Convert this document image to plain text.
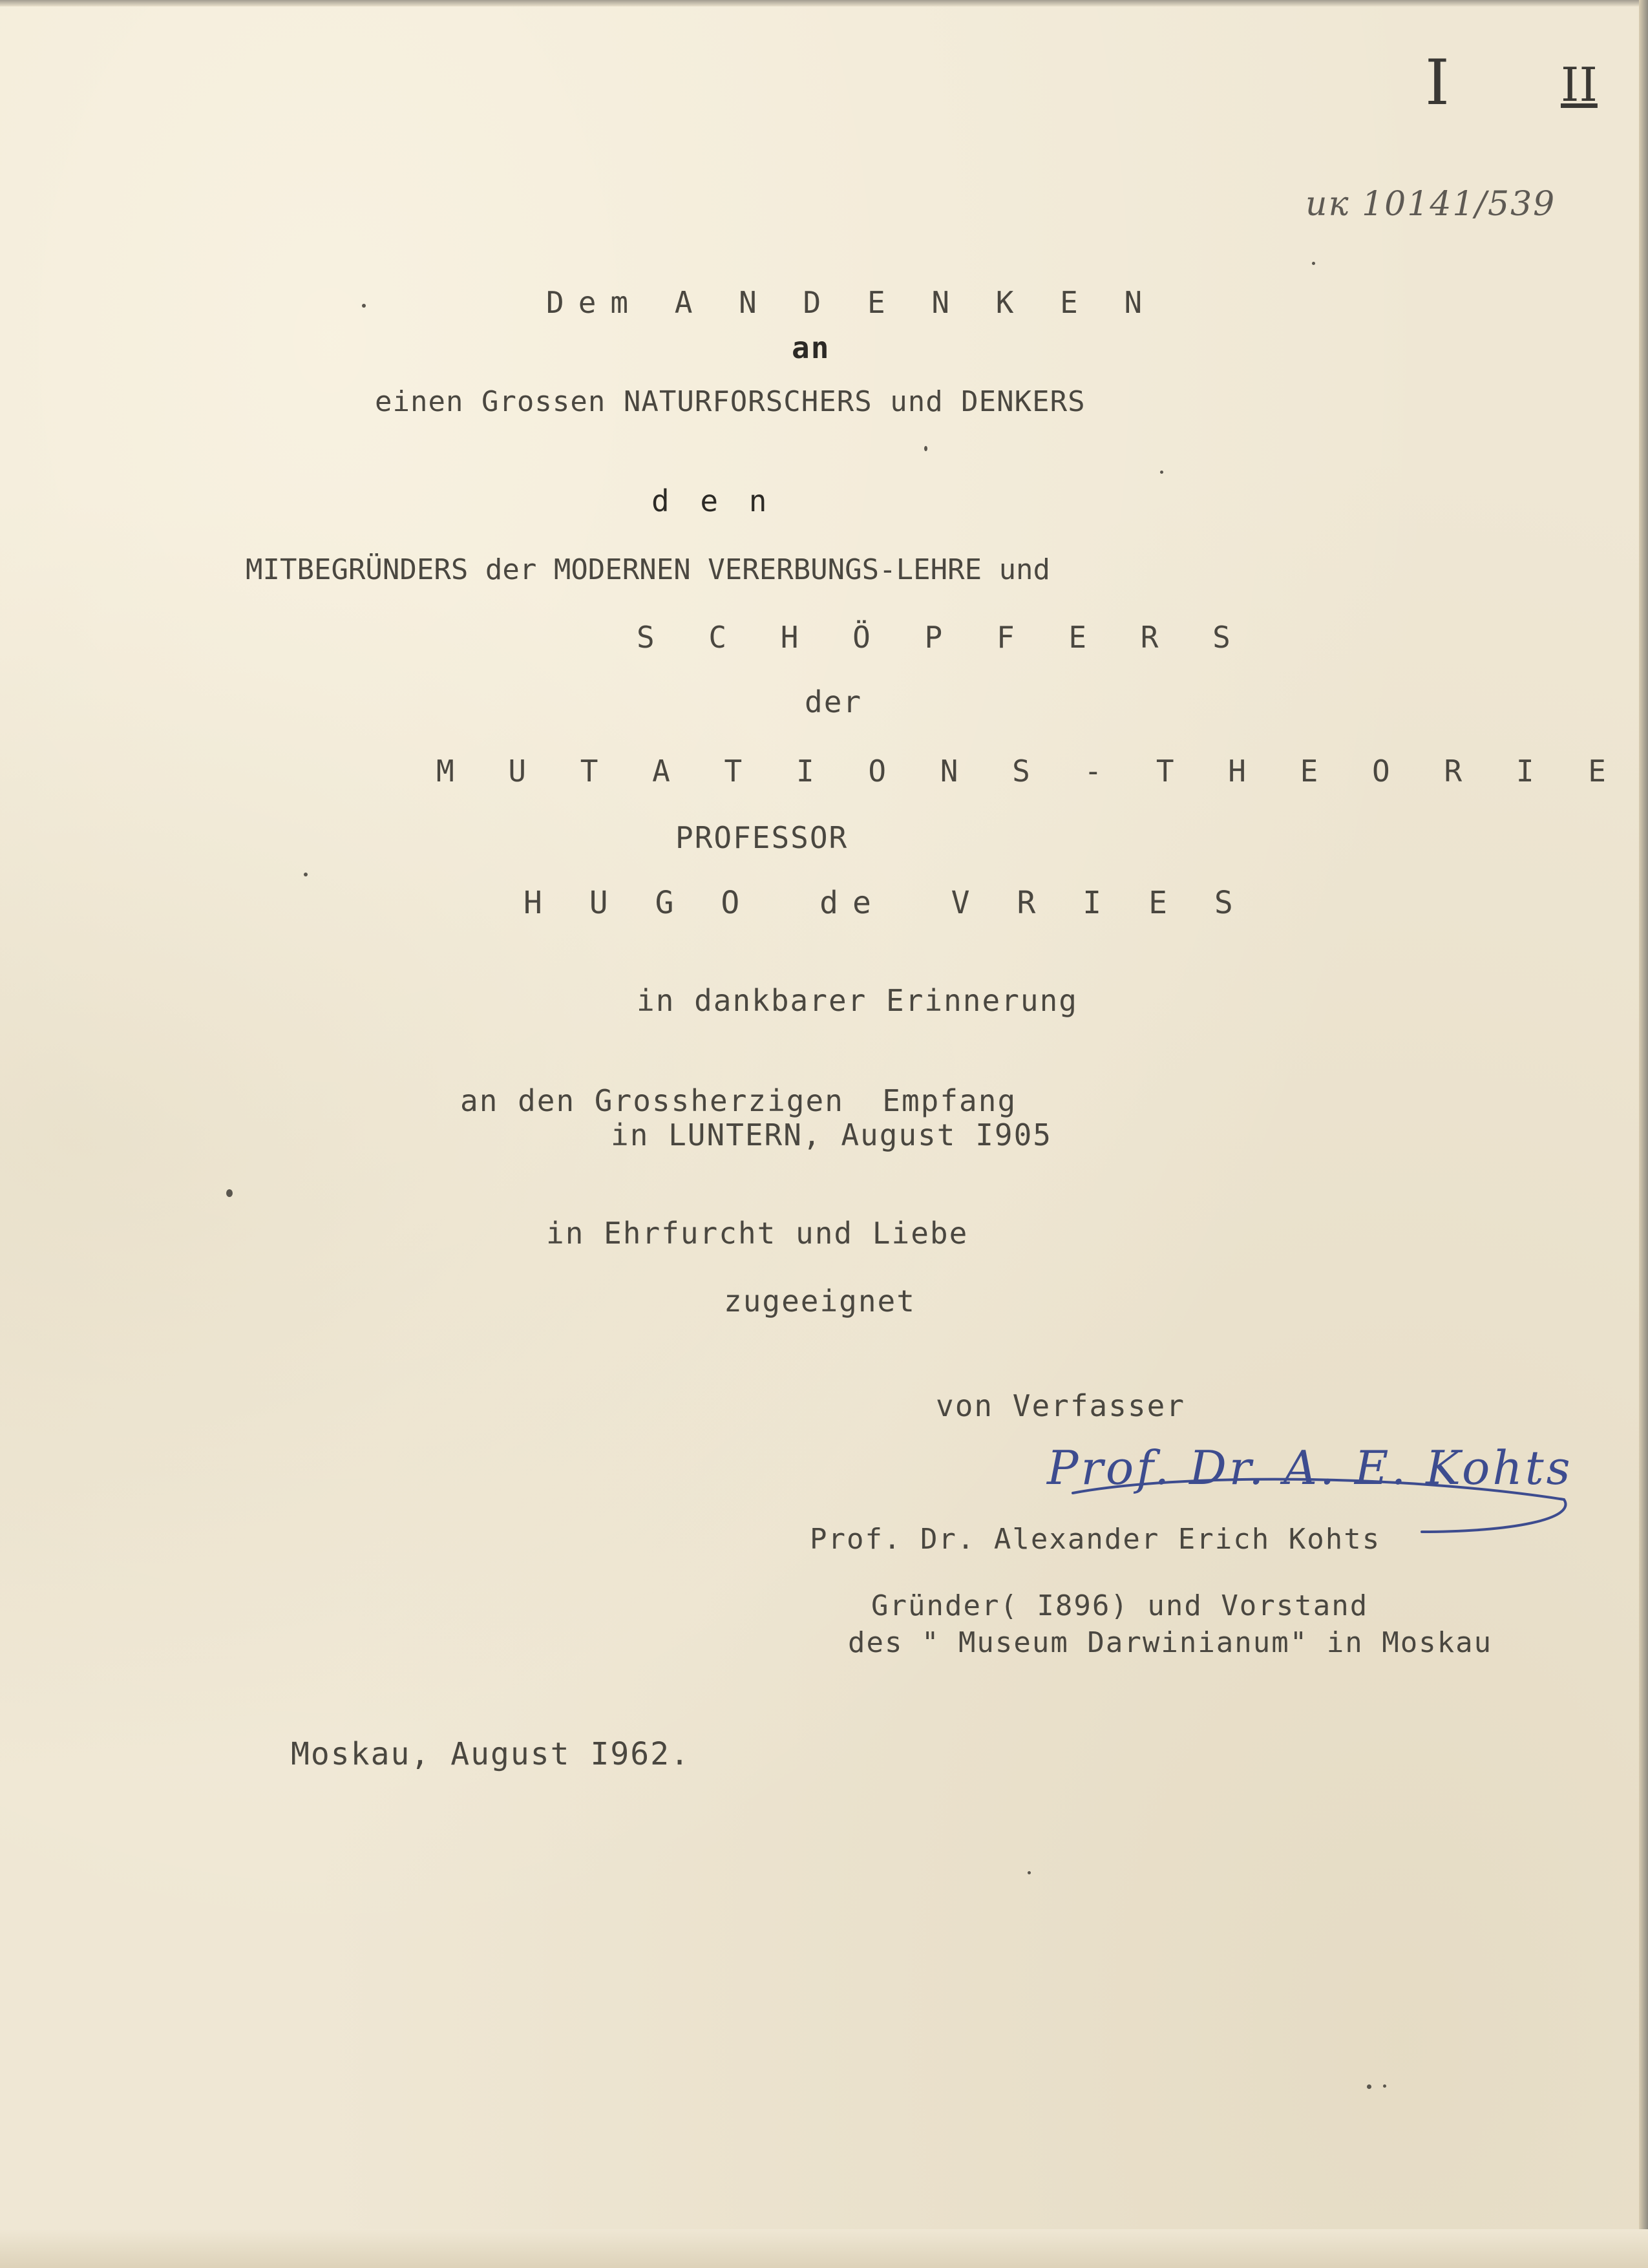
I II
ик 10141/539
Dem A N D E N K E N
an
einen Grossen NATURFORSCHERS und DENKERS
d e n
MITBEGRÜNDERS der MODERNEN VERERBUNGS-LEHRE und
S C H Ö P F E R S
der
M U T A T I O N S - T H E O R I E
PROFESSOR
H U G O  de  V R I E S
in dankbarer Erinnerung
an den Grossherzigen  Empfang
in LUNTERN, August I905
in Ehrfurcht und Liebe
zugeeignet
von Verfasser
Prof. Dr. A. E. Kohts
Prof. Dr. Alexander Erich Kohts
Gründer( I896) und Vorstand
des " Museum Darwinianum" in Moskau
Moskau, August I962.
